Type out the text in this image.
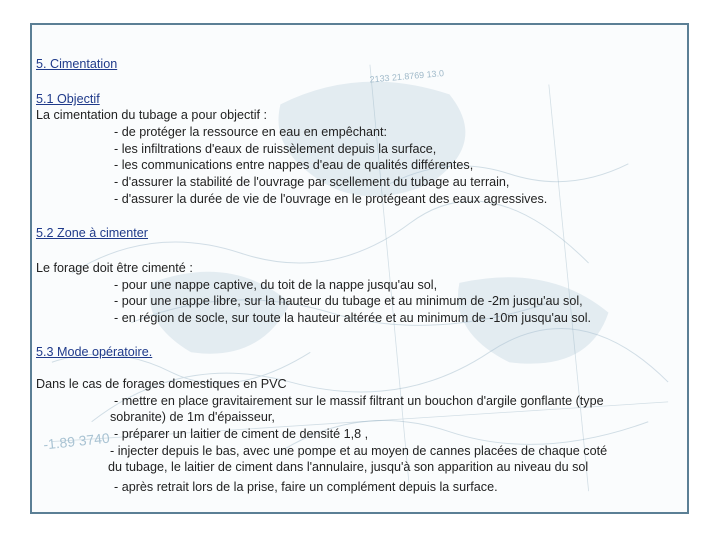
2133 21.8769 13.0
-1.89 3740
5. Cimentation
5.1 Objectif
La cimentation du tubage a pour objectif :
- de protéger la ressource en eau en empêchant:
- les infiltrations d'eaux de ruissèlement depuis la surface,
- les communications entre nappes d'eau de qualités différentes,
- d'assurer la stabilité de l'ouvrage par scellement du tubage au terrain,
- d'assurer la durée de vie de l'ouvrage en le protégeant des eaux agressives.
5.2 Zone à cimenter
Le forage doit être cimenté :
- pour une nappe captive, du toit de la nappe jusqu'au sol,
- pour une nappe libre, sur la hauteur du tubage et au minimum de -2m jusqu'au sol,
- en région de socle, sur toute la hauteur altérée et au minimum de -10m jusqu'au sol.
5.3 Mode opératoire.
Dans le cas de forages domestiques en PVC
- mettre en place gravitairement sur le massif filtrant un bouchon d'argile gonflante (type
sobranite) de 1m d'épaisseur,
- préparer un laitier de ciment de densité 1,8 ,
- injecter depuis le bas, avec une pompe et au moyen de cannes placées de chaque coté
du tubage, le laitier de ciment dans l'annulaire, jusqu'à son apparition au niveau du sol
- après retrait lors de la prise, faire un complément depuis la surface.
